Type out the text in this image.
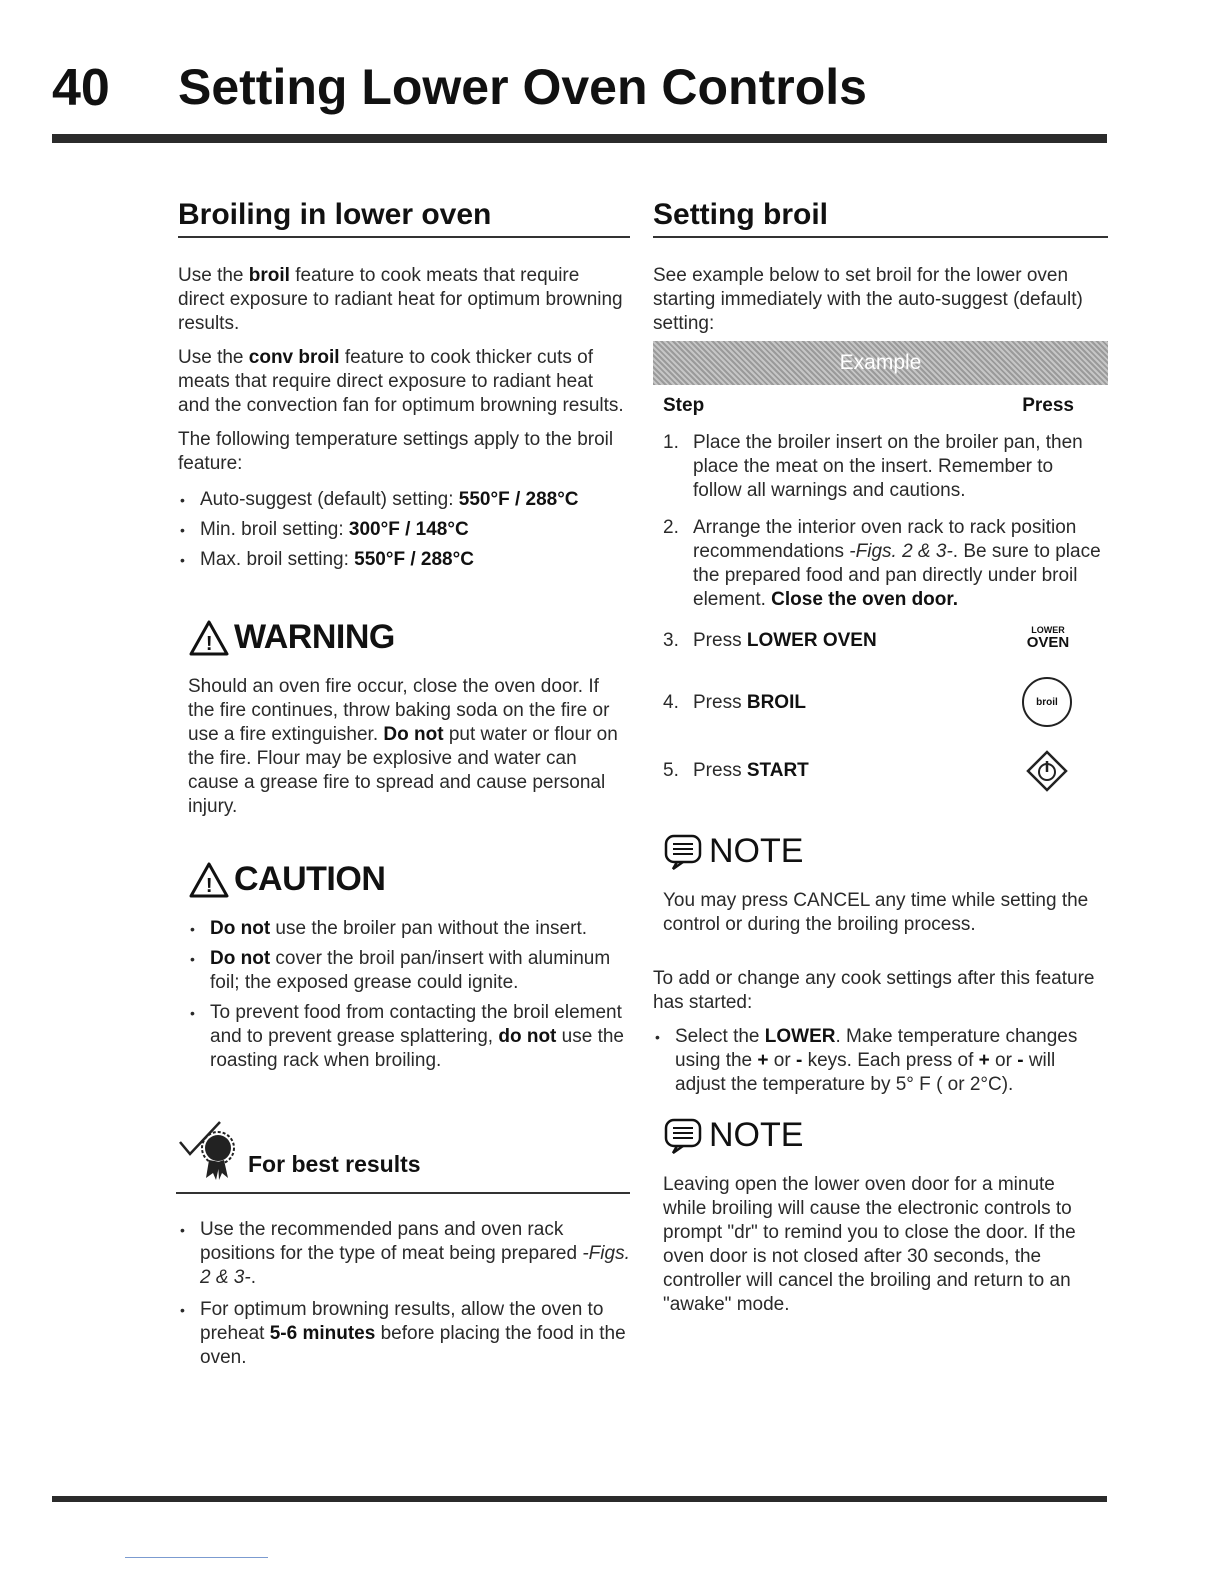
40 Setting Lower Oven Controls
Broiling in lower oven

Use the broil feature to cook meats that require direct exposure to radiant heat for optimum browning results.

Use the conv broil feature to cook thicker cuts of meats that require direct exposure to radiant heat and the convection fan for optimum browning results.

The following temperature settings apply to the broil feature:

• Auto-suggest (default) setting: 550°F / 288°C
• Min. broil setting: 300°F / 148°C
• Max. broil setting: 550°F / 288°C
! WARNING

Should an oven fire occur, close the oven door. If the fire continues, throw baking soda on the fire or use a fire extinguisher. Do not put water or flour on the fire. Flour may be explosive and water can cause a grease fire to spread and cause personal injury.

! CAUTION
• Do not use the broiler pan without the insert.
• Do not cover the broil pan/insert with aluminum foil; the exposed grease could ignite.
• To prevent food from contacting the broil element and to prevent grease splattering, do not use the roasting rack when broiling.
For best results
• Use the recommended pans and oven rack positions for the type of meat being prepared -Figs. 2 & 3-.
• For optimum browning results, allow the oven to preheat 5-6 minutes before placing the food in the oven.
Setting broil

See example below to set broil for the lower oven starting immediately with the auto-suggest (default) setting:

Example
Step	Press
1. Place the broiler insert on the broiler pan, then place the meat on the insert. Remember to follow all warnings and cautions.
2. Arrange the interior oven rack to rack position recommendations -Figs. 2 & 3-. Be sure to place the prepared food and pan directly under broil element. Close the oven door.
3. Press LOWER OVEN	LOWER
OVEN
4. Press BROIL	broil
5. Press START
NOTE

You may press CANCEL any time while setting the control or during the broiling process.

To add or change any cook settings after this feature has started:

• Select the LOWER. Make temperature changes using the + or - keys. Each press of + or - will adjust the temperature by 5° F ( or 2°C).
NOTE

Leaving open the lower oven door for a minute while broiling will cause the electronic controls to prompt "dr" to remind you to close the door. If the oven door is not closed after 30 seconds, the controller will cancel the broiling and return to an "awake" mode.
